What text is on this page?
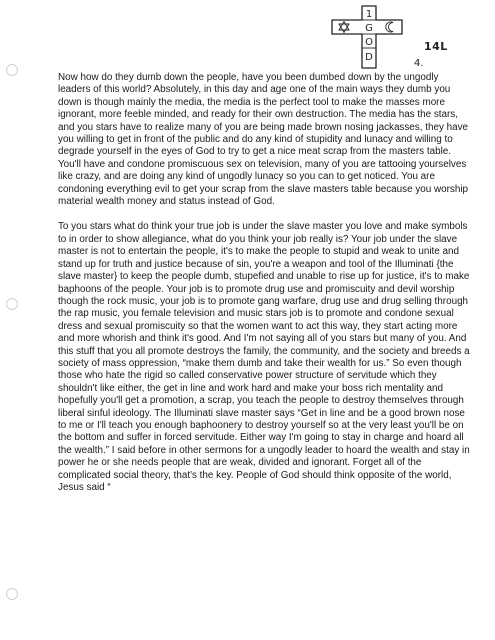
1
G
O
D
14L
4.

Now how do they dumb down the people, have you been dumbed down by the ungodly leaders of this world? Absolutely, in this day and age one of the main ways they dumb you down is though mainly the media, the media is the perfect tool to make the masses more ignorant, more feeble minded, and ready for their own destruction. The media has the stars, and you stars have to realize many of you are being made brown nosing jackasses, they have you willing to get in front of the public and do any kind of stupidity and lunacy and willing to degrade yourself in the eyes of God to try to get a nice meat scrap from the masters table. You'll have and condone promiscuous sex on television, many of you are tattooing yourselves like crazy, and are doing any kind of ungodly lunacy so you can to get noticed. You are condoning everything evil to get your scrap from the slave masters table because you worship material wealth money and status instead of God.

To you stars what do think your true job is under the slave master you love and make symbols to in order to show allegiance, what do you think your job really is? Your job under the slave master is not to entertain the people, it's to make the people to stupid and weak to unite and stand up for truth and justice because of sin, you're a weapon and tool of the Illuminati {the slave master} to keep the people dumb, stupefied and unable to rise up for justice, it's to make baphoons of the people. Your job is to promote drug use and promiscuity and devil worship though the rock music, your job is to promote gang warfare, drug use and drug selling through the rap music, you female television and music stars job is to promote and condone sexual dress and sexual promiscuity so that the women want to act this way, they start acting more and more whorish and think it's good. And I'm not saying all of you stars but many of you. And this stuff that you all promote destroys the family, the community, and the society and breeds a society of mass oppression, “make them dumb and take their wealth for us.” So even though those who hate the rigid so called conservative power structure of servitude which they shouldn't like either, the get in line and work hard and make your boss rich mentality and hopefully you'll get a promotion, a scrap, you teach the people to destroy themselves through liberal sinful ideology. The Illuminati slave master says “Get in line and be a good brown nose to me or I'll teach you enough baphoonery to destroy yourself so at the very least you'll be on the bottom and suffer in forced servitude. Either way I'm going to stay in charge and hoard all the wealth.” I said before in other sermons for a ungodly leader to hoard the wealth and stay in power he or she needs people that are weak, divided and ignorant. Forget all of the complicated social theory, that's the key. People of God should think opposite of the world, Jesus said “
